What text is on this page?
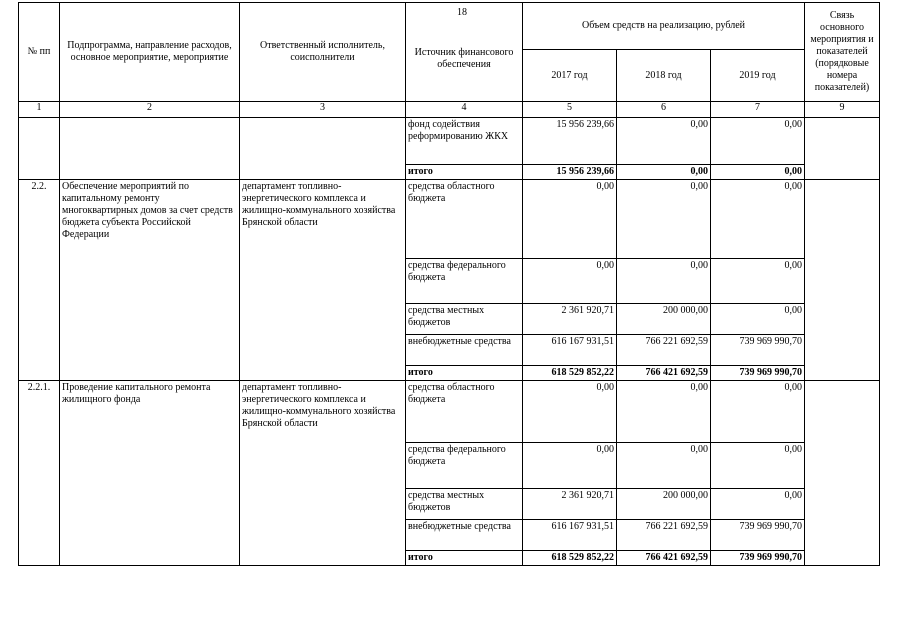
18
№ пп	Подпрограмма, направление расходов, основное мероприятие, мероприятие	Ответственный исполнитель, соисполнители	Источник финансового обеспечения	Объем средств на реализацию, рублей			Связь основного мероприятия и показателей (порядковые номера показателей)
				2017 год	2018 год	2019 год	
1	2	3	4	5	6	7	9
			фонд содействия реформированию ЖКХ	15 956 239,66	0,00	0,00	
			итого	15 956 239,66	0,00	0,00	
2.2.	Обеспечение мероприятий по капитальному ремонту многоквартирных домов за счет средств бюджета субъекта Российской Федерации	департамент топливно-энергетического комплекса и жилищно-коммунального хозяйства Брянской области	средства областного бюджета	0,00	0,00	0,00	
			средства федерального бюджета	0,00	0,00	0,00	
			средства местных бюджетов	2 361 920,71	200 000,00	0,00	
			внебюджетные средства	616 167 931,51	766 221 692,59	739 969 990,70	
			итого	618 529 852,22	766 421 692,59	739 969 990,70	
2.2.1.	Проведение капитального ремонта жилищного фонда	департамент топливно-энергетического комплекса и жилищно-коммунального хозяйства Брянской области	средства областного бюджета	0,00	0,00	0,00	
			средства федерального бюджета	0,00	0,00	0,00	
			средства местных бюджетов	2 361 920,71	200 000,00	0,00	
			внебюджетные средства	616 167 931,51	766 221 692,59	739 969 990,70	
			итого	618 529 852,22	766 421 692,59	739 969 990,70	
